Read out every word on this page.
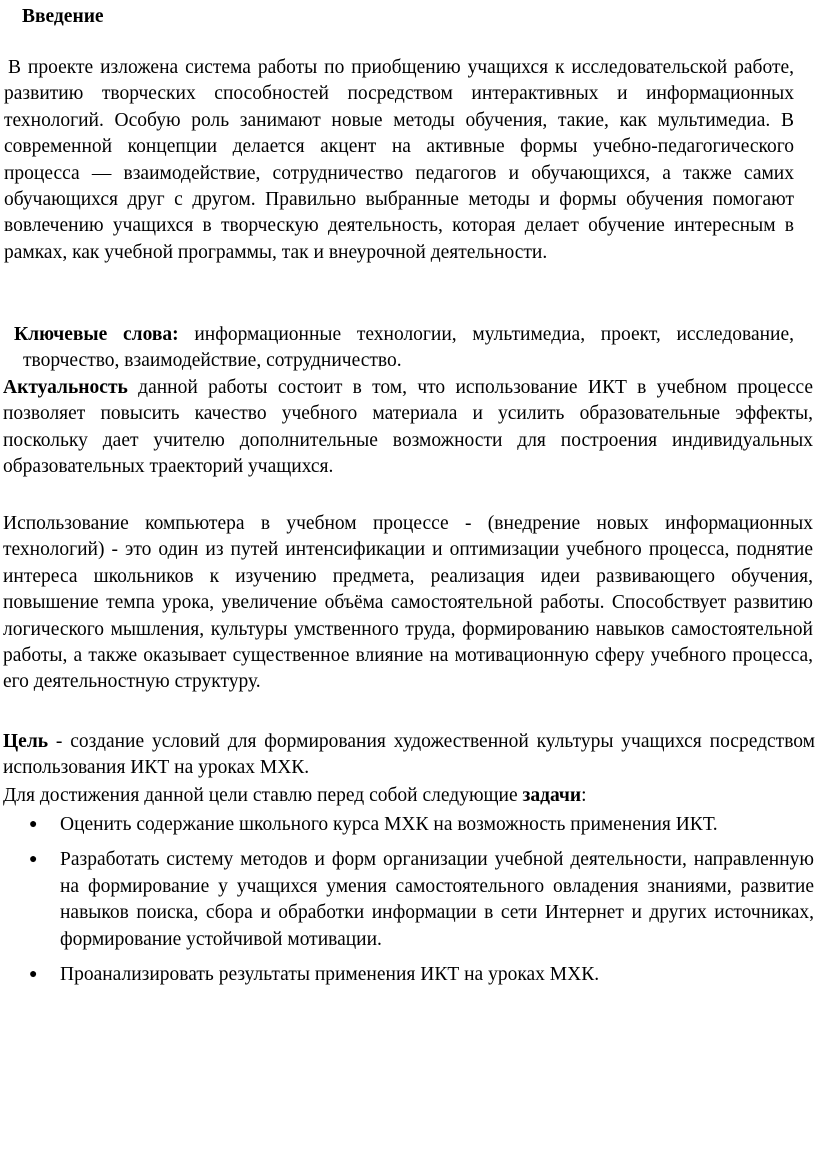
Введение

В проекте изложена система работы по приобщению учащихся к исследовательской работе, развитию творческих способностей посредством интерактивных и информационных технологий. Особую роль занимают новые методы обучения, такие, как мультимедиа. В современной концепции делается акцент на активные формы учебно-педагогического процесса — взаимодействие, сотрудничество педагогов и обучающихся, а также самих обучающихся друг с другом. Правильно выбранные методы и формы обучения помогают вовлечению учащихся в творческую деятельность, которая делает обучение интересным в рамках, как учебной программы, так и внеурочной деятельности.

Ключевые слова: информационные технологии, мультимедиа, проект, исследование, творчество, взаимодействие, сотрудничество.

Актуальность данной работы состоит в том, что использование ИКТ в учебном процессе позволяет повысить качество учебного материала и усилить образовательные эффекты, поскольку дает учителю дополнительные возможности для построения индивидуальных образовательных траекторий учащихся.

Использование компьютера в учебном процессе - (внедрение новых информационных технологий) - это один из путей интенсификации и оптимизации учебного процесса, поднятие интереса школьников к изучению предмета, реализация идеи развивающего обучения, повышение темпа урока, увеличение объёма самостоятельной работы. Способствует развитию логического мышления, культуры умственного труда, формированию навыков самостоятельной работы, а также оказывает существенное влияние на мотивационную сферу учебного процесса, его деятельностную структуру.

Цель - создание условий для формирования художественной культуры учащихся посредством использования ИКТ на уроках МХК.

Для достижения данной цели ставлю перед собой следующие задачи:

● Оценить содержание школьного курса МХК на возможность применения ИКТ.
● Разработать систему методов и форм организации учебной деятельности, направленную на формирование у учащихся умения самостоятельного овладения знаниями, развитие навыков поиска, сбора и обработки информации в сети Интернет и других источниках, формирование устойчивой мотивации.
● Проанализировать результаты применения ИКТ на уроках МХК.
